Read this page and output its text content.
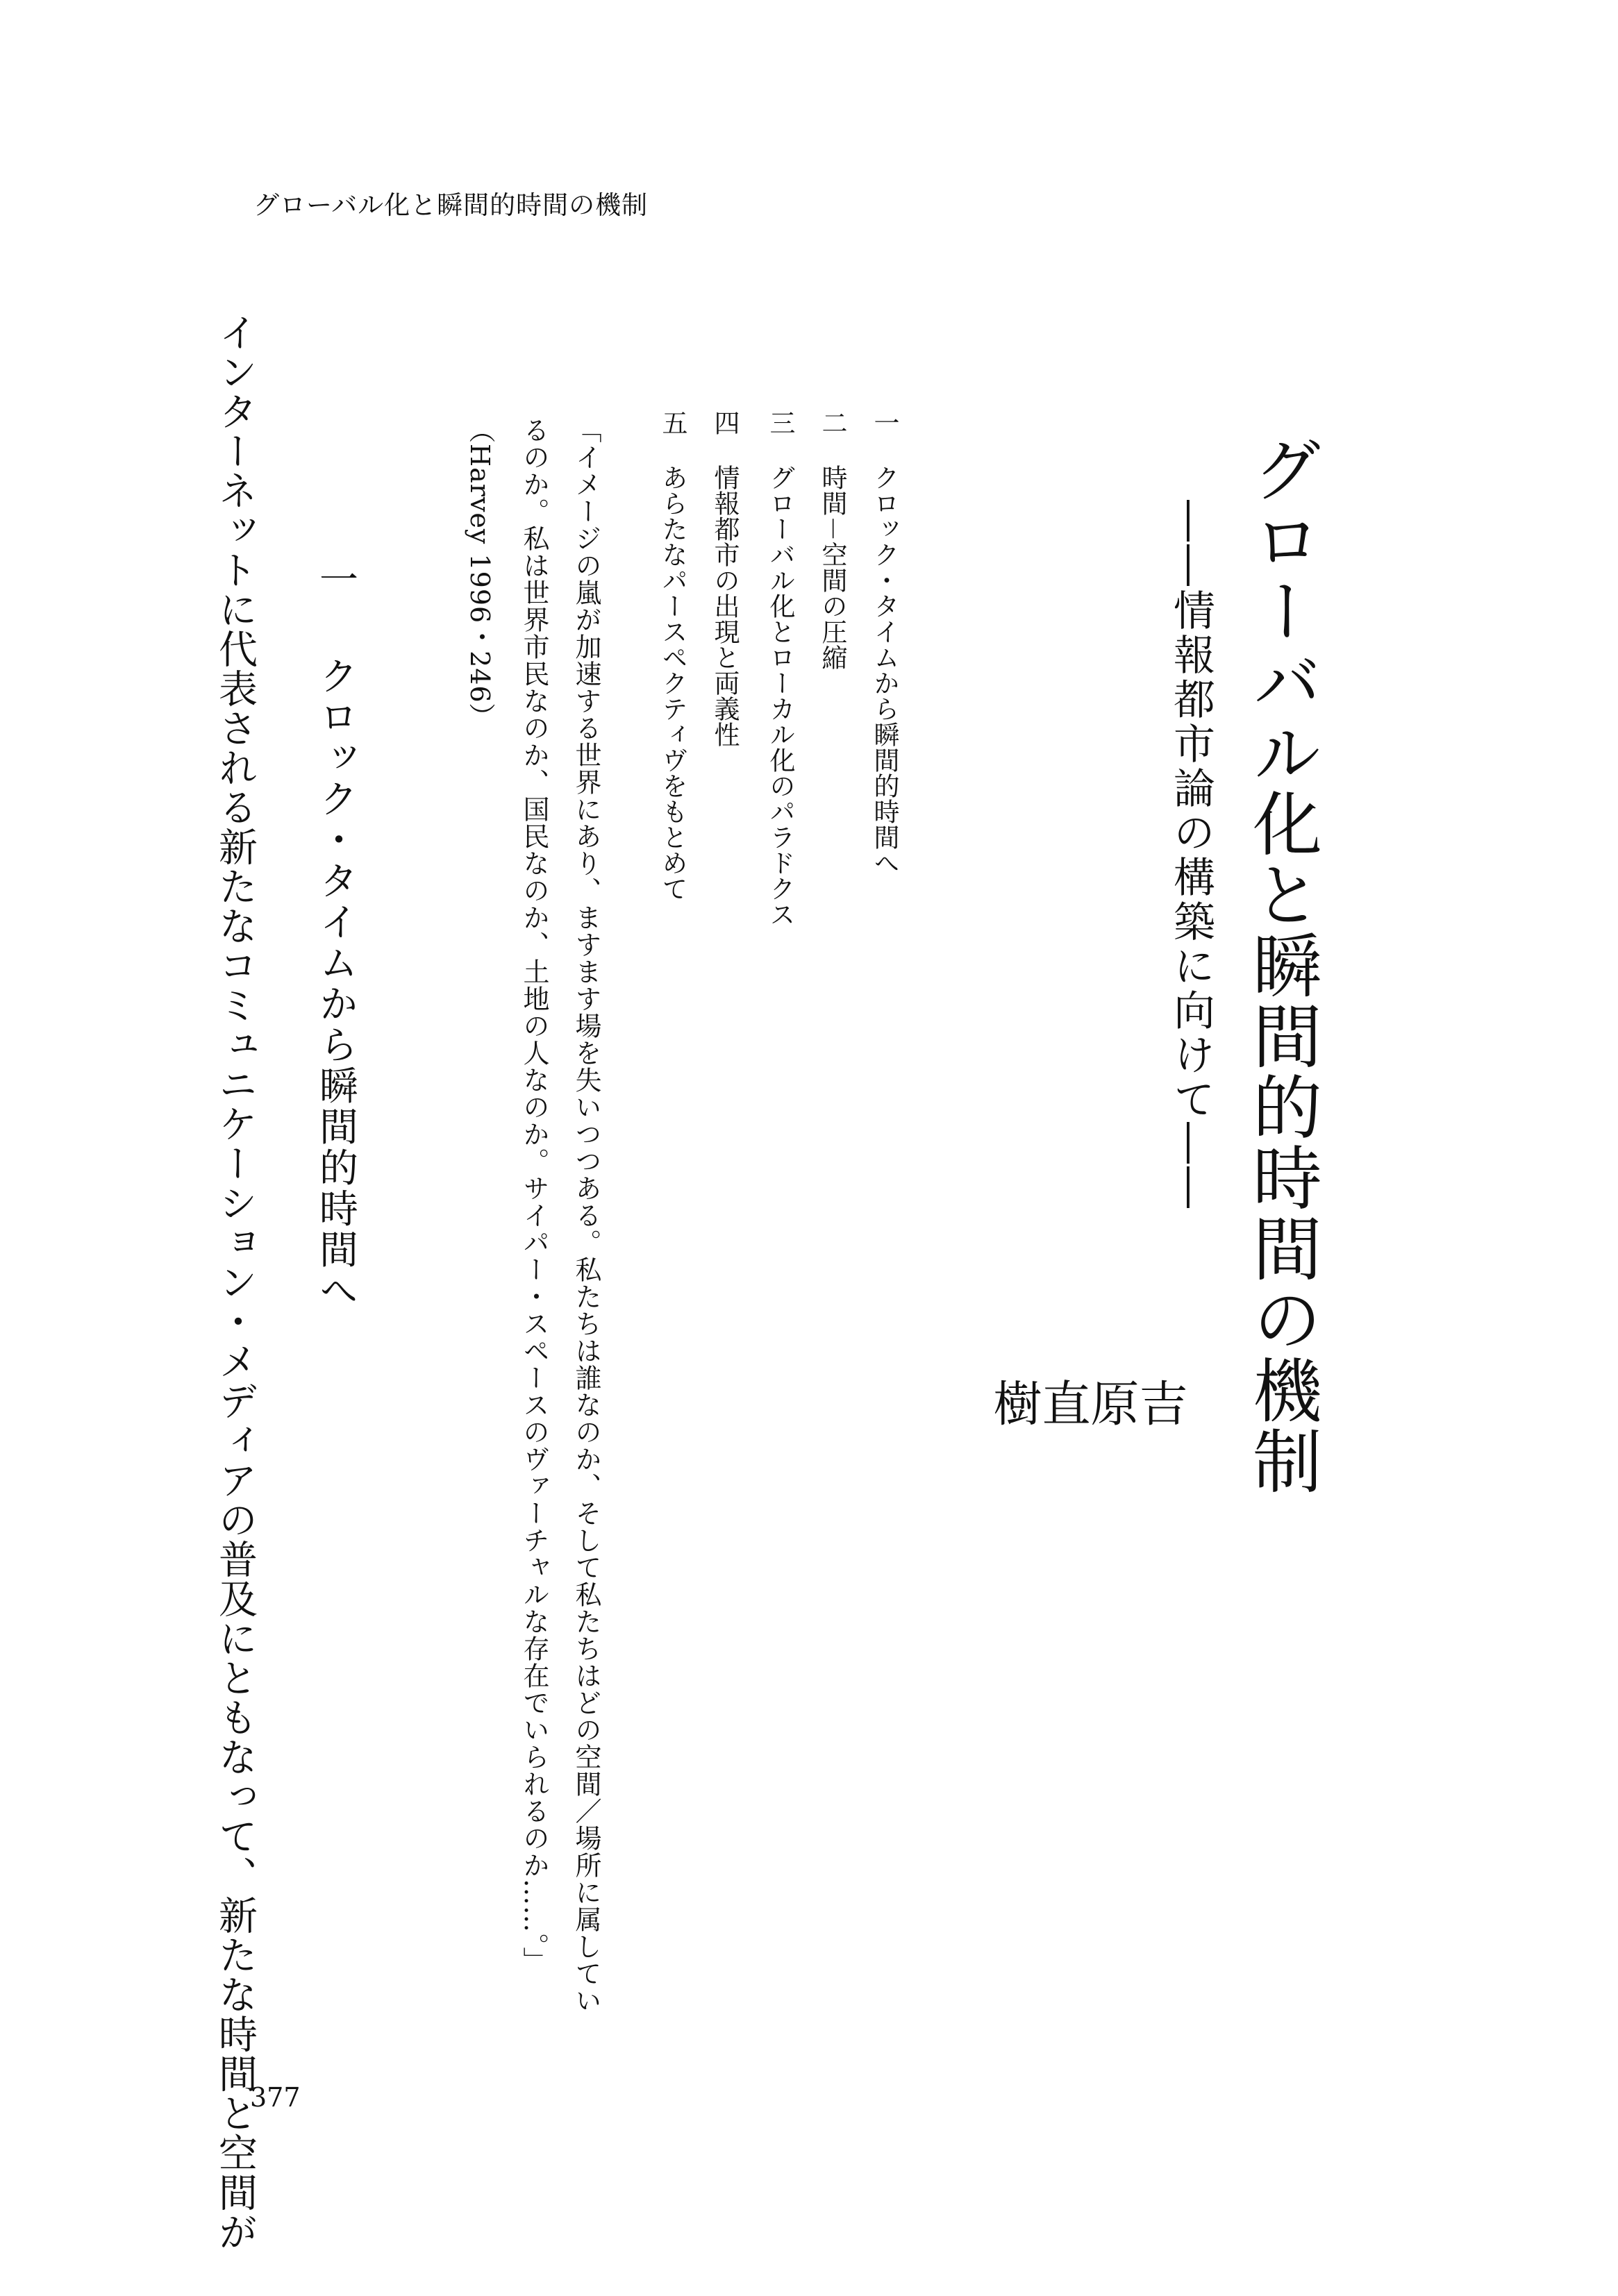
グローバル化と瞬間的時間の機制
グローバル化と瞬間的時間の機制
――情報都市論の構築に向けて――
吉
原
直
樹
一 クロック・タイムから瞬間的時間へ
二 時間－空間の圧縮
三 グローバル化とローカル化のパラドクス
四 情報都市の出現と両義性
五 あらたなパースペクティヴをもとめて
「イメージの嵐が加速する世界にあり、ますます場を失いつつある。私たちは誰なのか、そして私たちはどの空間／場所に属してい
るのか。私は世界市民なのか、国民なのか、土地の人なのか。サイパー・スペースのヴァーチャルな存在でいられるのか……。」
（Harvey 1996・246）
一 クロック・タイムから瞬間的時間へ
インターネットに代表される新たなコミュニケーション・メディアの普及にともなって、新たな時間と空間が
377
